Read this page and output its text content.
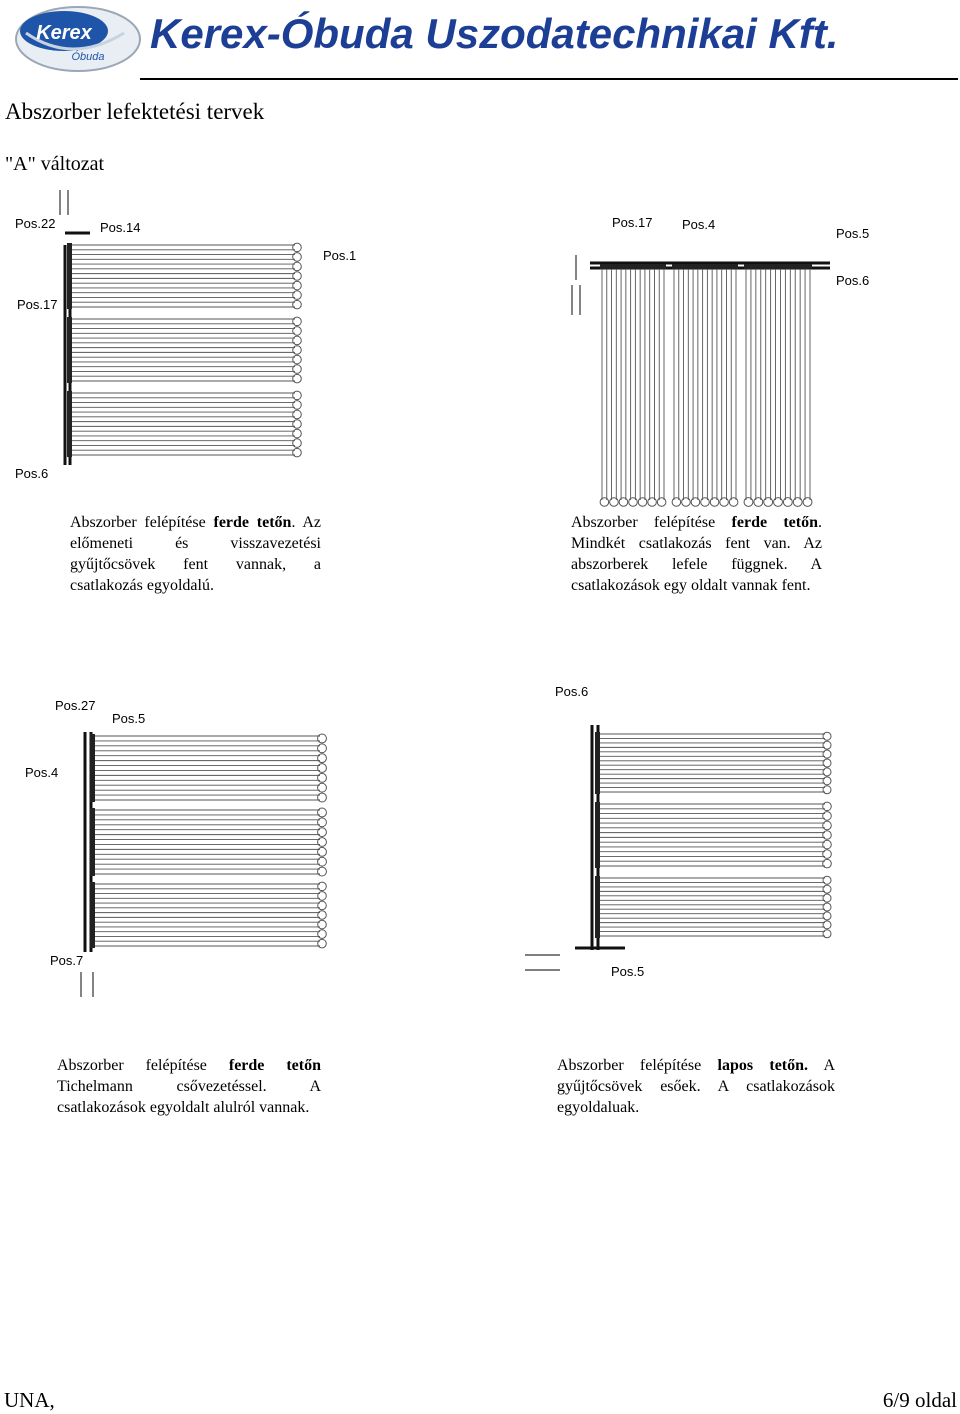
Kerex
Óbuda Kerex-Óbuda Uszodatechnikai Kft.
Abszorber lefektetési tervek
"A" változat
Pos.22	Pos.14
Pos.1
Pos.17
Pos.6
Abszorber felépítése ferde tetőn. Az előmeneti és visszavezetési gyűjtőcsövek fent vannak, a csatlakozás egyoldalú.
Pos.17 Pos.4
Pos.5
Pos.6
Abszorber felépítése ferde tetőn. Mindkét csatlakozás fent van. Az abszorberek lefele függnek. A csatlakozások egy oldalt vannak fent.
Pos.27
Pos.5
Pos.4
Pos.7
Abszorber felépítése ferde tetőn Tichelmann csővezetéssel. A csatlakozások egyoldalt alulról vannak.
Pos.6
Pos.5
Abszorber felépítése lapos tetőn. A gyűjtőcsövek esőek. A csatlakozások egyoldaluak.
UNA,	6/9 oldal
